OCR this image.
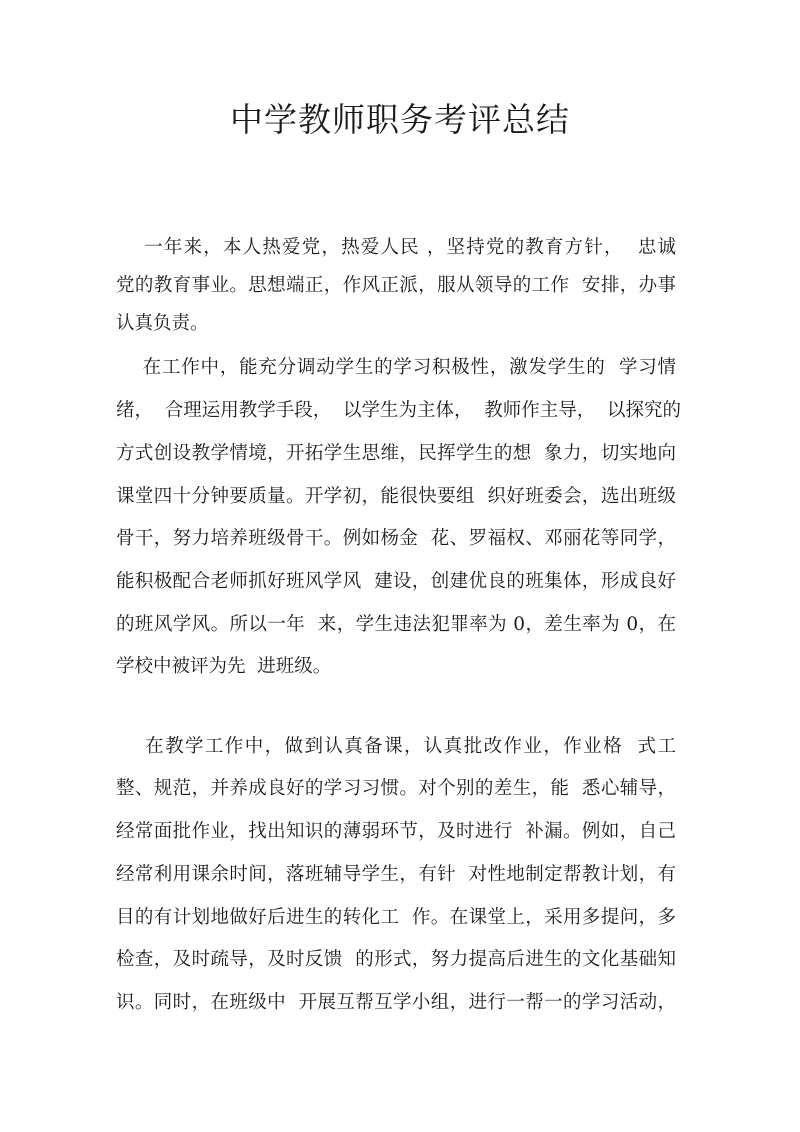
中学教师职务考评总结
一年来，本人热爱党，热爱人民 ，坚持党的教育方针，  忠诚
党的教育事业。思想端正，作风正派，服从领导的工作  安排，办事
认真负责。
在工作中，能充分调动学生的学习积极性，激发学生的  学习情
绪，  合理运用教学手段，  以学生为主体，  教师作主导，  以探究的
方式创设教学情境，开拓学生思维，民挥学生的想  象力，切实地向
课堂四十分钟要质量。开学初，能很快要组  织好班委会，选出班级
骨干，努力培养班级骨干。例如杨金  花、罗福权、邓丽花等同学，
能积极配合老师抓好班风学风  建设，创建优良的班集体，形成良好
的班风学风。所以一年  来，学生违法犯罪率为 0，差生率为 0，在
学校中被评为先  进班级。
在教学工作中，做到认真备课，认真批改作业，作业格  式工
整、规范，并养成良好的学习习惯。对个别的差生，能  悉心辅导，
经常面批作业，找出知识的薄弱环节，及时进行  补漏。例如，自己
经常利用课余时间，落班辅导学生，有针  对性地制定帮教计划，有
目的有计划地做好后进生的转化工  作。在课堂上，采用多提问，多
检查，及时疏导，及时反馈  的形式，努力提高后进生的文化基础知
识。同时，在班级中  开展互帮互学小组，进行一帮一的学习活动，
